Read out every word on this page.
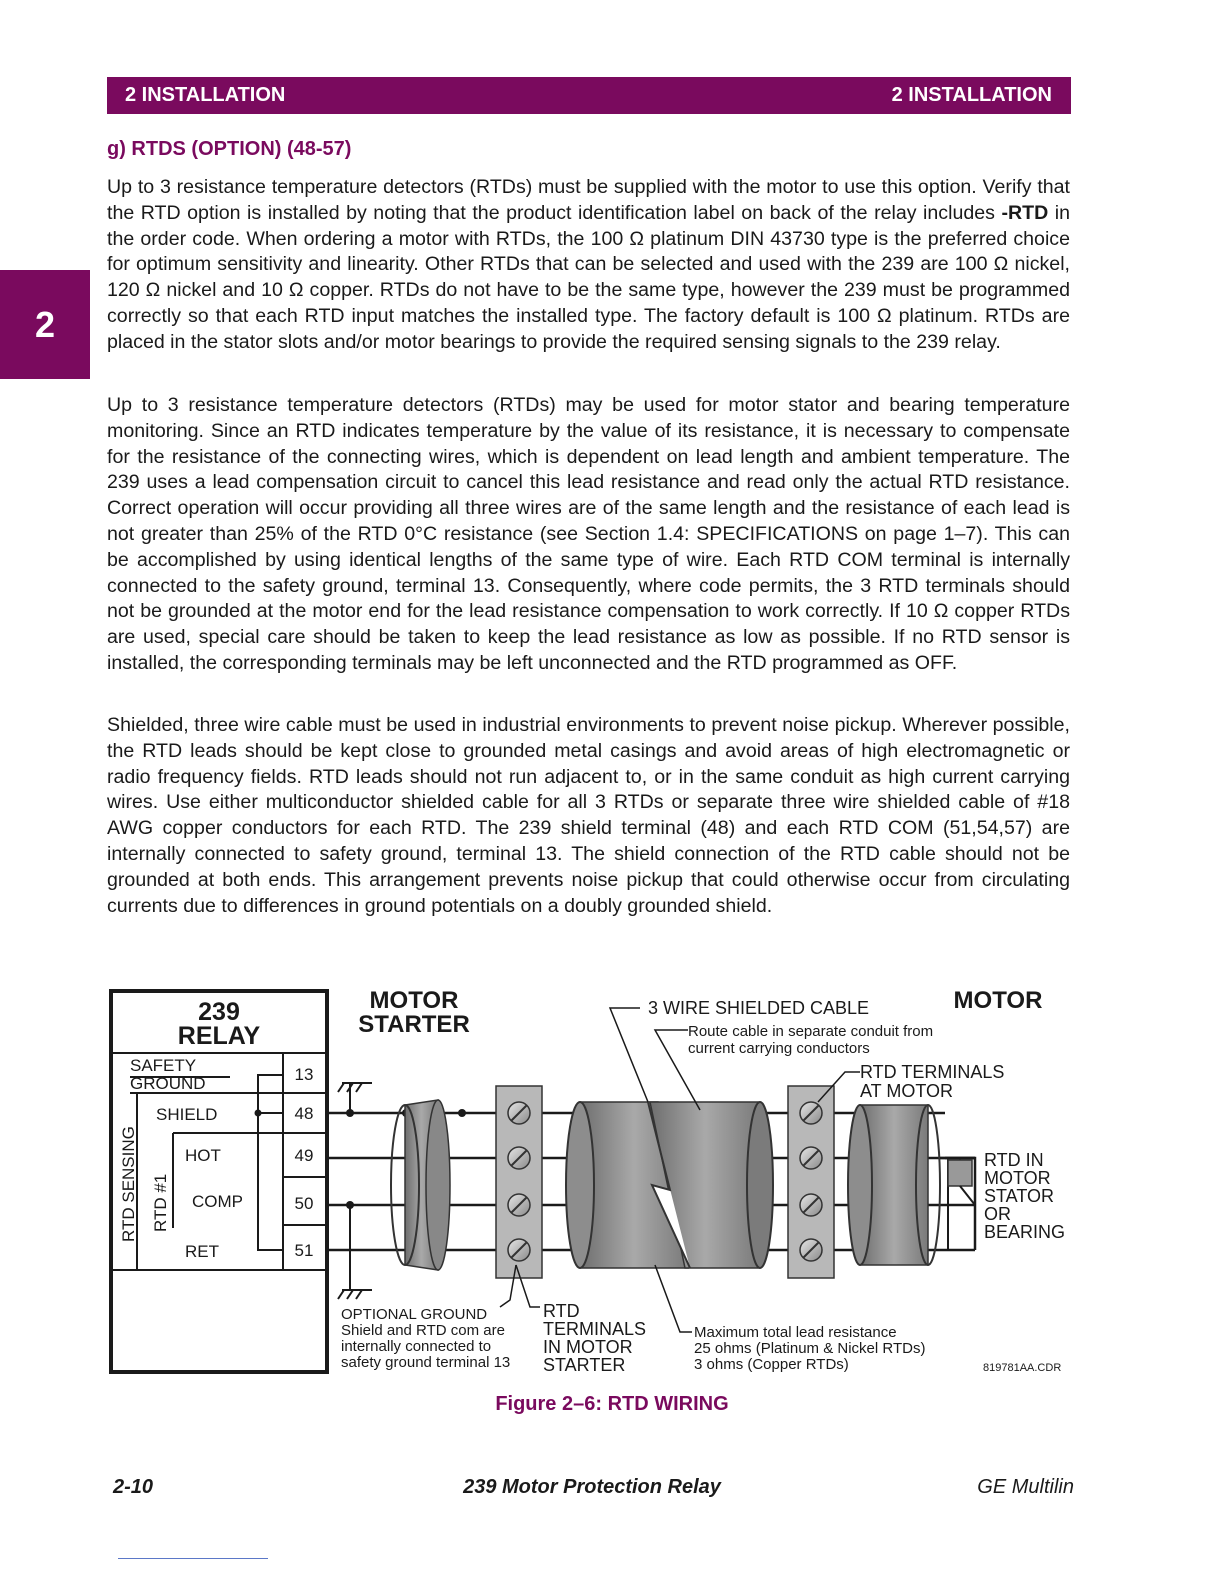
2 INSTALLATION	2 INSTALLATION
2
g) RTDS (OPTION) (48-57)

Up to 3 resistance temperature detectors (RTDs) must be supplied with the motor to use this option. Verify that the RTD option is installed by noting that the product identification label on back of the relay includes -RTD in the order code. When ordering a motor with RTDs, the 100 Ω platinum DIN 43730 type is the preferred choice for optimum sensitivity and linearity. Other RTDs that can be selected and used with the 239 are 100 Ω nickel, 120 Ω nickel and 10 Ω copper. RTDs do not have to be the same type, however the 239 must be programmed correctly so that each RTD input matches the installed type. The factory default is 100 Ω platinum. RTDs are placed in the stator slots and/or motor bearings to provide the required sensing signals to the 239 relay.

Up to 3 resistance temperature detectors (RTDs) may be used for motor stator and bearing temperature monitoring. Since an RTD indicates temperature by the value of its resistance, it is necessary to compensate for the resistance of the connecting wires, which is dependent on lead length and ambient temperature. The 239 uses a lead compensation circuit to cancel this lead resistance and read only the actual RTD resistance. Correct operation will occur providing all three wires are of the same length and the resistance of each lead is not greater than 25% of the RTD 0°C resistance (see Section 1.4: SPECIFICATIONS on page 1–7). This can be accomplished by using identical lengths of the same type of wire. Each RTD COM terminal is internally connected to the safety ground, terminal 13. Consequently, where code permits, the 3 RTD terminals should not be grounded at the motor end for the lead resistance compensation to work correctly. If 10 Ω copper RTDs are used, special care should be taken to keep the lead resistance as low as possible. If no RTD sensor is installed, the corresponding terminals may be left unconnected and the RTD programmed as OFF.

Shielded, three wire cable must be used in industrial environments to prevent noise pickup. Wherever possible, the RTD leads should be kept close to grounded metal casings and avoid areas of high electromagnetic or radio frequency fields. RTD leads should not run adjacent to, or in the same conduit as high current carrying wires. Use either multiconductor shielded cable for all 3 RTDs or separate three wire shielded cable of #18 AWG copper conductors for each RTD. The 239 shield terminal (48) and each RTD COM (51,54,57) are internally connected to safety ground, terminal 13. The shield connection of the RTD cable should not be grounded at both ends. This arrangement prevents noise pickup that could otherwise occur from circulating currents due to differences in ground potentials on a doubly grounded shield.

239
RELAY
SAFETY
GROUND
SHIELD
HOT
COMP
RET
RTD SENSING RTD #1
13
48
49
50
51
MOTOR
STARTER
MOTOR
3 WIRE SHIELDED CABLE
Route cable in separate conduit from
current carrying conductors
RTD TERMINALS
AT MOTOR
RTD IN
MOTOR
STATOR
OR
BEARING
OPTIONAL GROUND
Shield and RTD com are
internally connected to
safety ground terminal 13
RTD
TERMINALS
IN MOTOR
STARTER
Maximum total lead resistance
25 ohms (Platinum & Nickel RTDs)
3 ohms (Copper RTDs)	819781AA.CDR
Figure 2–6: RTD WIRING
2-10	239 Motor Protection Relay	GE Multilin
